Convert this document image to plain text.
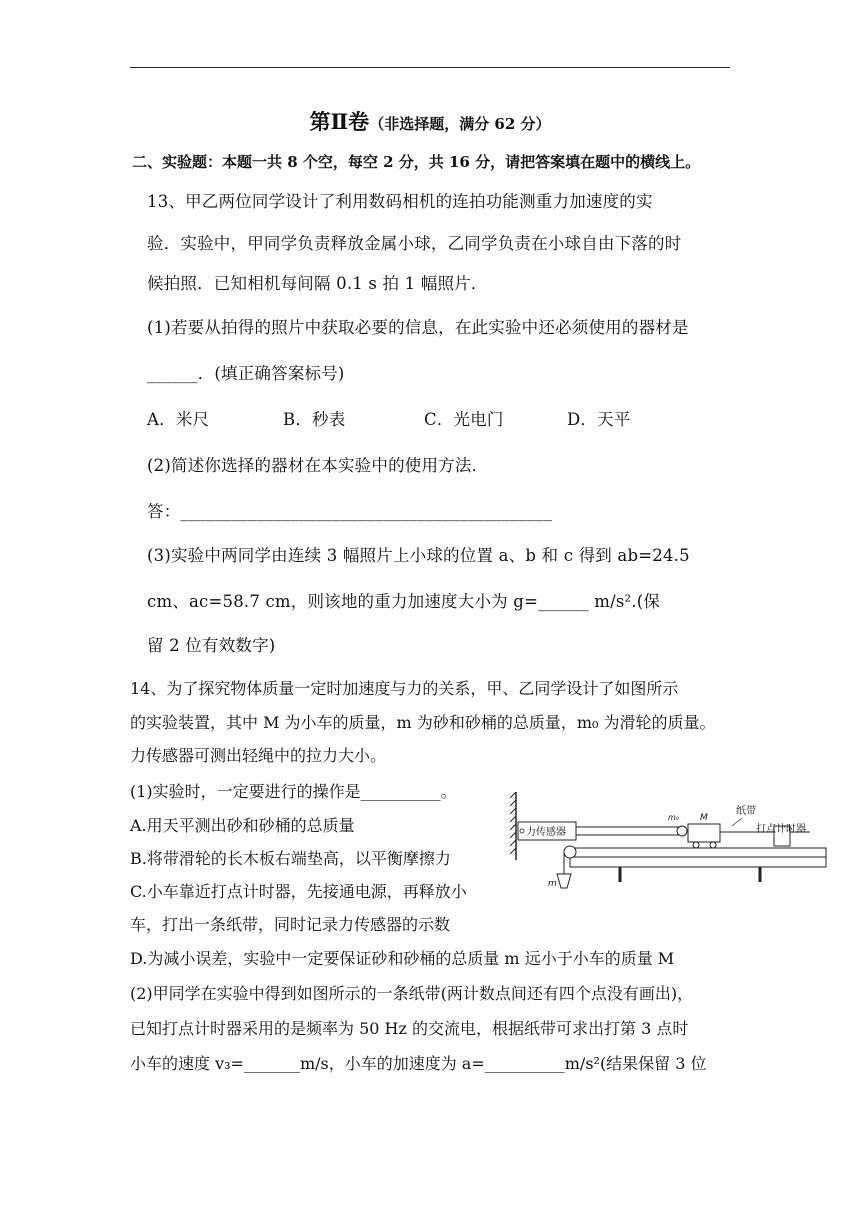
第Ⅱ卷（非选择题，满分 62 分）
二、实验题：本题一共 8 个空，每空 2 分，共 16 分，请把答案填在题中的横线上。
13、甲乙两位同学设计了利用数码相机的连拍功能测重力加速度的实
验．实验中，甲同学负责释放金属小球，乙同学负责在小球自由下落的时
候拍照．已知相机每间隔 0.1 s 拍 1 幅照片．
(1)若要从拍得的照片中获取必要的信息，在此实验中还必须使用的器材是
______．(填正确答案标号)
A．米尺	B．秒表	C．光电门	D．天平
(2)简述你选择的器材在本实验中的使用方法．
答：____________________________________________
(3)实验中两同学由连续 3 幅照片上小球的位置 a、b 和 c 得到 ab=24.5
cm、ac=58.7 cm，则该地的重力加速度大小为 g=______ m/s².(保
留 2 位有效数字)
14、为了探究物体质量一定时加速度与力的关系，甲、乙同学设计了如图所示
的实验装置，其中 M 为小车的质量，m 为砂和砂桶的总质量，m₀ 为滑轮的质量。
力传感器可测出轻绳中的拉力大小。
(1)实验时，一定要进行的操作是__________。
A.用天平测出砂和砂桶的总质量
B.将带滑轮的长木板右端垫高，以平衡摩擦力
C.小车靠近打点计时器，先接通电源，再释放小
车，打出一条纸带，同时记录力传感器的示数
D.为减小误差，实验中一定要保证砂和砂桶的总质量 m 远小于小车的质量 M
(2)甲同学在实验中得到如图所示的一条纸带(两计数点间还有四个点没有画出)，
已知打点计时器采用的是频率为 50 Hz 的交流电，根据纸带可求出打第 3 点时
小车的速度 v₃=_______m/s，小车的加速度为 a=__________m/s²(结果保留 3 位
力传感器
m₀ M
纸带
打点计时器
m
